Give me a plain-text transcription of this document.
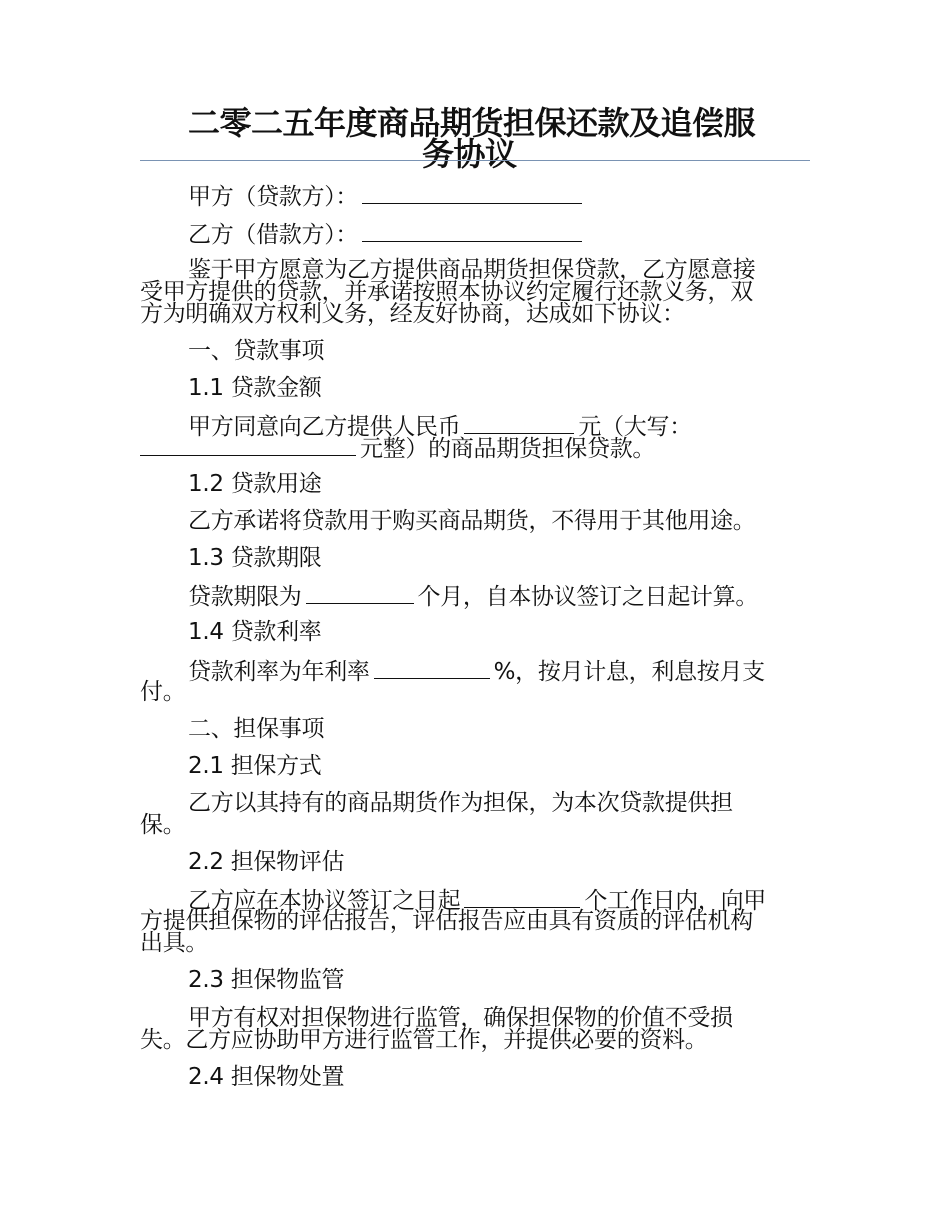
二零二五年度商品期货担保还款及追偿服
务协议
甲方（贷款方）：
乙方（借款方）：
鉴于甲方愿意为乙方提供商品期货担保贷款，乙方愿意接
受甲方提供的贷款，并承诺按照本协议约定履行还款义务，双
方为明确双方权利义务，经友好协商，达成如下协议：
一、贷款事项
1.1 贷款金额
甲方同意向乙方提供人民币	元（大写：
元整）的商品期货担保贷款。
1.2 贷款用途
乙方承诺将贷款用于购买商品期货，不得用于其他用途。
1.3 贷款期限
贷款期限为	个月，自本协议签订之日起计算。
1.4 贷款利率
贷款利率为年利率	%，按月计息，利息按月支
付。
二、担保事项
2.1 担保方式
乙方以其持有的商品期货作为担保，为本次贷款提供担
保。
2.2 担保物评估
乙方应在本协议签订之日起	个工作日内，向甲
方提供担保物的评估报告，评估报告应由具有资质的评估机构
出具。
2.3 担保物监管
甲方有权对担保物进行监管，确保担保物的价值不受损
失。乙方应协助甲方进行监管工作，并提供必要的资料。
2.4 担保物处置
